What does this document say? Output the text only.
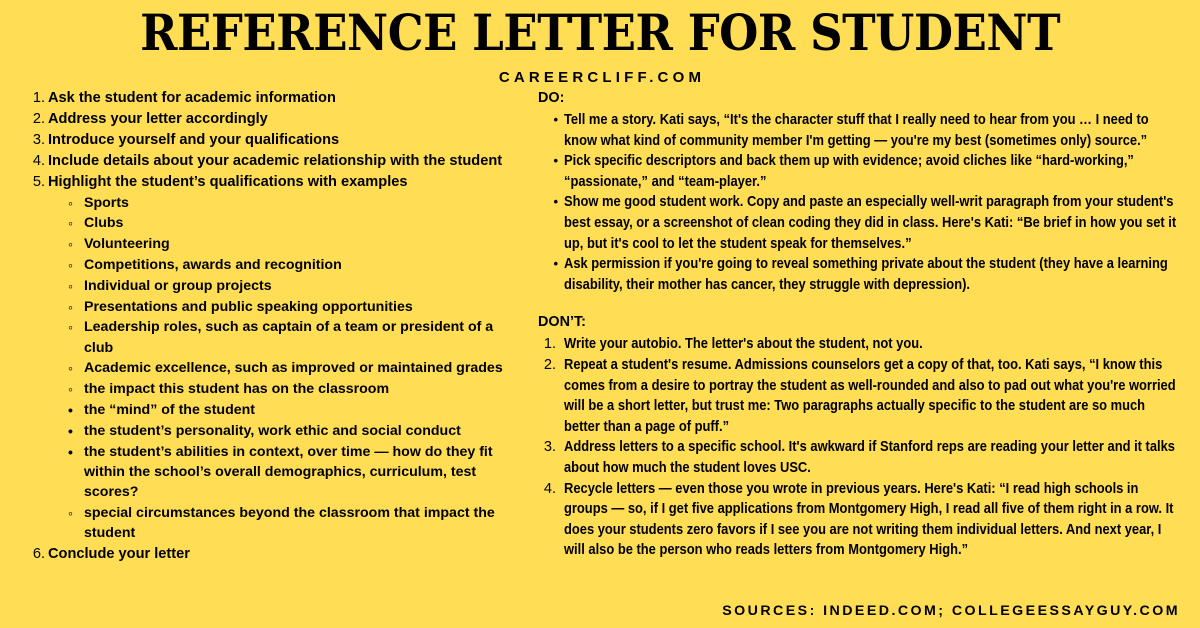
REFERENCE LETTER FOR STUDENT
CAREERCLIFF.COM
1. Ask the student for academic information
2. Address your letter accordingly
3. Introduce yourself and your qualifications
4. Include details about your academic relationship with the student
5. Highlight the student’s qualifications with examples
◦
Sports
◦
Clubs
◦
Volunteering
◦
Competitions, awards and recognition
◦
Individual or group projects
◦
Presentations and public speaking opportunities
◦
Leadership roles, such as captain of a team or president of a club
◦
Academic excellence, such as improved or maintained grades
◦
the impact this student has on the classroom
•
the “mind” of the student
•
the student’s personality, work ethic and social conduct
•
the student’s abilities in context, over time — how do they fit within the school’s overall demographics, curriculum, test scores?
◦
special circumstances beyond the classroom that impact the student
6. Conclude your letter
DO:
• Tell me a story. Kati says, “It's the character stuff that I really need to hear from you … I need to know what kind of community member I'm getting — you're my best (sometimes only) source.”
• Pick specific descriptors and back them up with evidence; avoid cliches like “hard-working,” “passionate,” and “team-player.”
• Show me good student work. Copy and paste an especially well-writ paragraph from your student's best essay, or a screenshot of clean coding they did in class. Here's Kati: “Be brief in how you set it up, but it's cool to let the student speak for themselves.”
• Ask permission if you're going to reveal something private about the student (they have a learning disability, their mother has cancer, they struggle with depression).
DON’T:
1. Write your autobio. The letter's about the student, not you.
2. Repeat a student's resume. Admissions counselors get a copy of that, too. Kati says, “I know this comes from a desire to portray the student as well-rounded and also to pad out what you're worried will be a short letter, but trust me: Two paragraphs actually specific to the student are so much better than a page of puff.”
3. Address letters to a specific school. It's awkward if Stanford reps are reading your letter and it talks about how much the student loves USC.
4. Recycle letters — even those you wrote in previous years. Here's Kati: “I read high schools in groups — so, if I get five applications from Montgomery High, I read all five of them right in a row. It does your students zero favors if I see you are not writing them individual letters. And next year, I will also be the person who reads letters from Montgomery High.”
SOURCES: INDEED.COM; COLLEGEESSAYGUY.COM
